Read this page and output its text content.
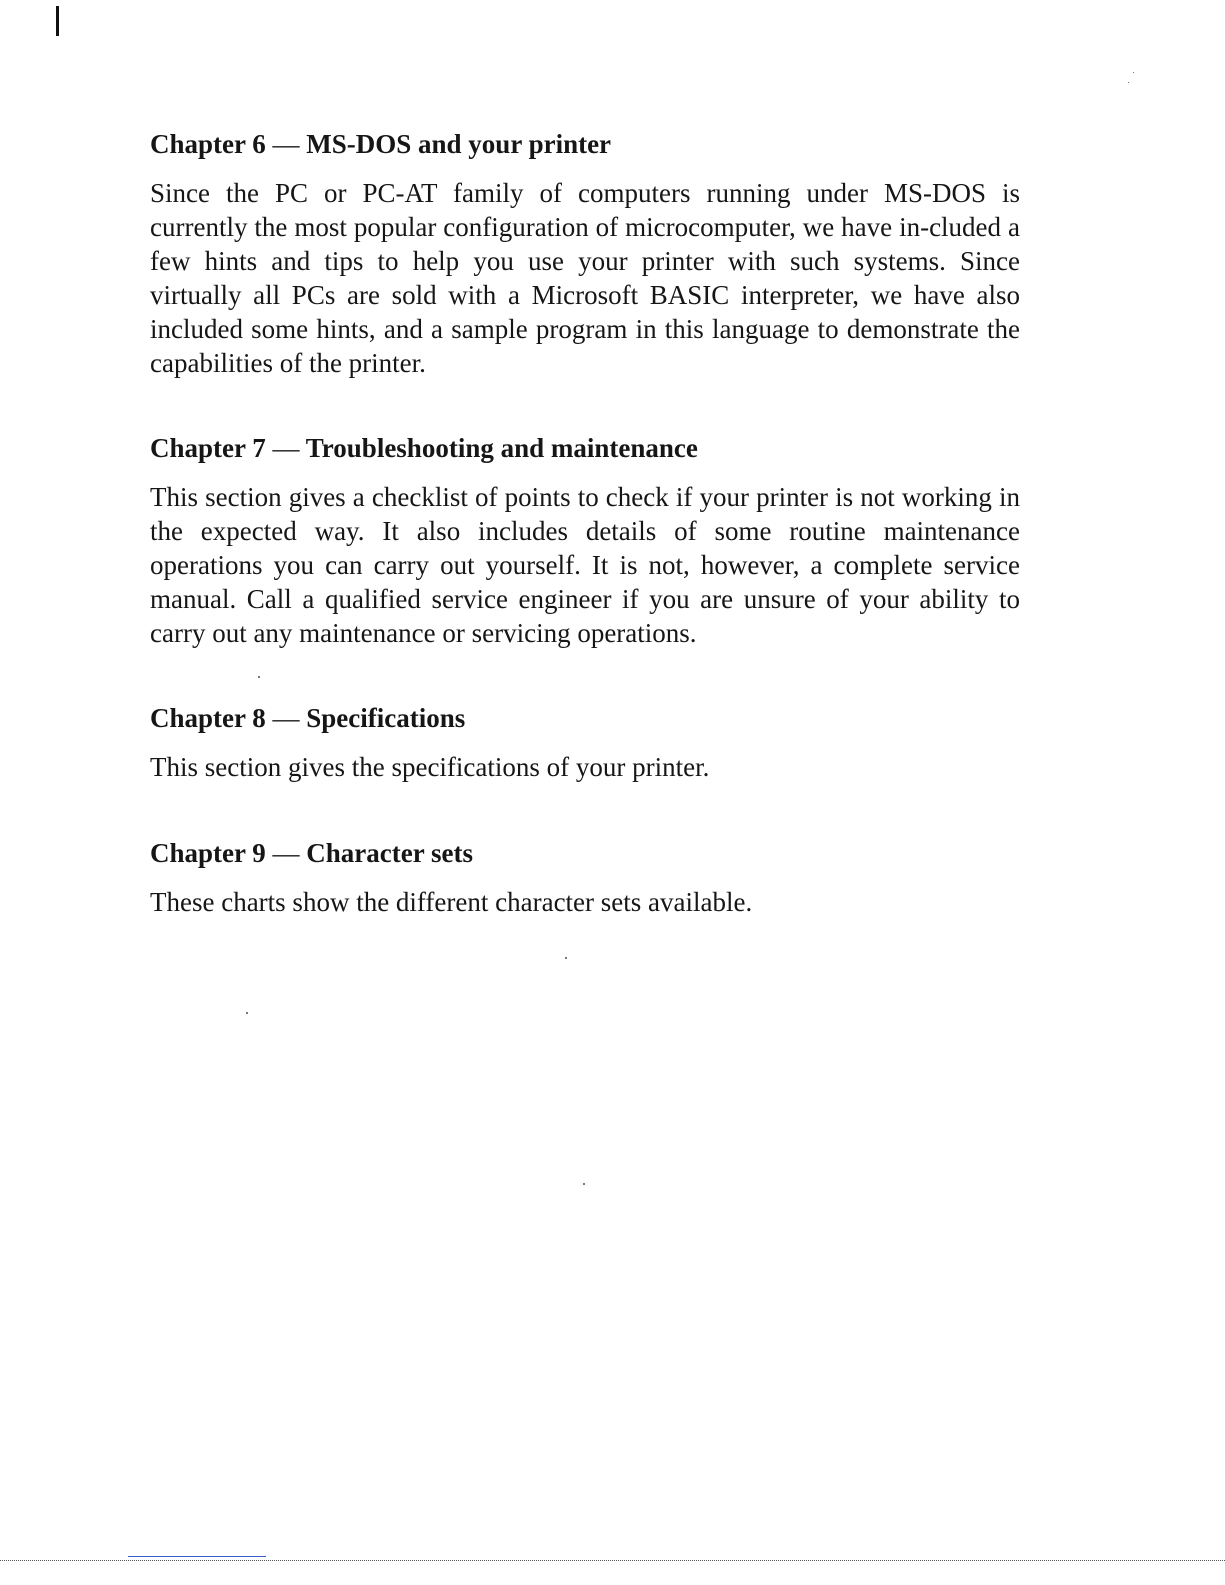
Chapter 6 — MS-DOS and your printer

Since the PC or PC-AT family of computers running under MS-DOS is currently the most popular configuration of microcomputer, we have in-cluded a few hints and tips to help you use your printer with such systems. Since virtually all PCs are sold with a Microsoft BASIC interpreter, we have also included some hints, and a sample program in this language to demonstrate the capabilities of the printer.

Chapter 7 — Troubleshooting and maintenance

This section gives a checklist of points to check if your printer is not working in the expected way. It also includes details of some routine maintenance operations you can carry out yourself. It is not, however, a complete service manual. Call a qualified service engineer if you are unsure of your ability to carry out any maintenance or servicing operations.

Chapter 8 — Specifications

This section gives the specifications of your printer.

Chapter 9 — Character sets

These charts show the different character sets available.
